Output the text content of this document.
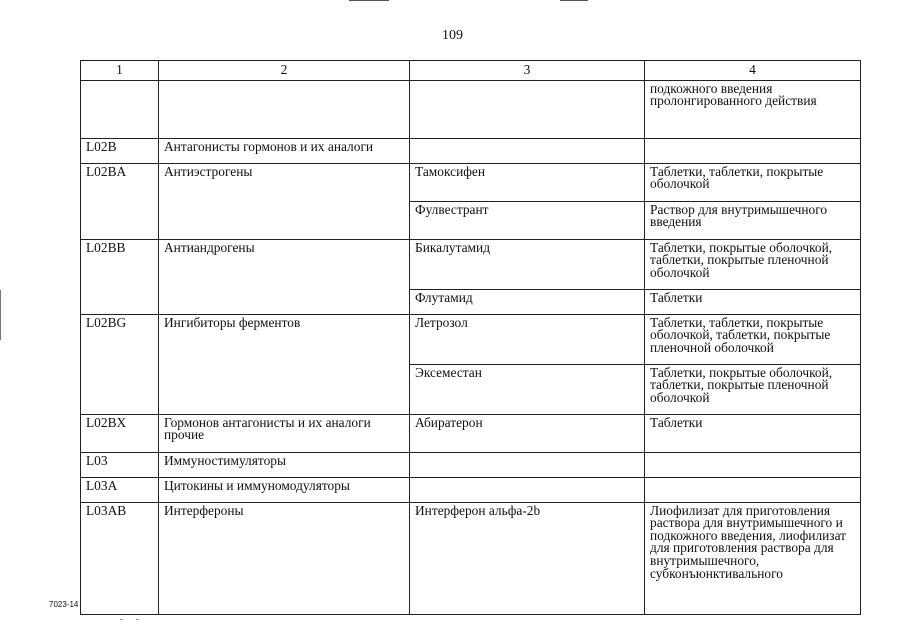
109
1	2	3	4
			подкожного введения пролонгированного действия
L02B	Антагонисты гормонов и их аналоги		
L02BA	Антиэстрогены	Тамоксифен	Таблетки, таблетки, покрытые оболочкой
		Фулвестрант	Раствор для внутримышечного введения
L02BB	Антиандрогены	Бикалутамид	Таблетки, покрытые оболочкой, таблетки, покрытые пленочной оболочкой
		Флутамид	Таблетки
L02BG	Ингибиторы ферментов	Летрозол	Таблетки, таблетки, покрытые оболочкой, таблетки, покрытые пленочной оболочкой
		Эксеместан	Таблетки, покрытые оболочкой, таблетки, покрытые пленочной оболочкой
L02BX	Гормонов антагонисты и их аналоги прочие	Абиратерон	Таблетки
L03	Иммуностимуляторы		
L03A	Цитокины и иммуномодуляторы		
L03AB	Интерфероны	Интерферон альфа-2b	Лиофилизат для приготовления раствора для внутримышечного и подкожного введения, лиофилизат для приготовления раствора для внутримышечного, субконъюнктивального
7023-14
